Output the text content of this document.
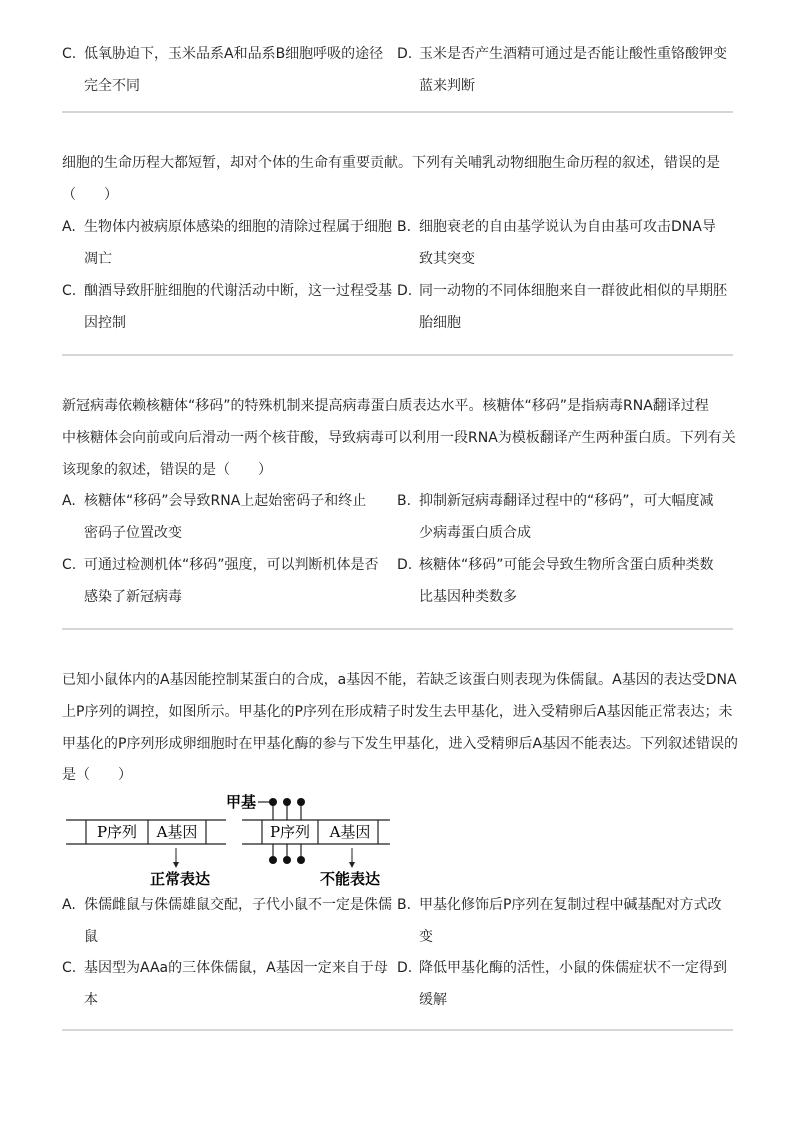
C. 低氧胁迫下，玉米品系A和品系B细胞呼吸的途径
完全不同
D. 玉米是否产生酒精可通过是否能让酸性重铬酸钾变
蓝来判断
细胞的生命历程大都短暂，却对个体的生命有重要贡献。下列有关哺乳动物细胞生命历程的叙述，错误的是
（　　）
A. 生物体内被病原体感染的细胞的清除过程属于细胞
凋亡
B. 细胞衰老的自由基学说认为自由基可攻击DNA导
致其突变
C. 酗酒导致肝脏细胞的代谢活动中断，这一过程受基
因控制
D. 同一动物的不同体细胞来自一群彼此相似的早期胚
胎细胞
新冠病毒依赖核糖体“移码”的特殊机制来提高病毒蛋白质表达水平。核糖体“移码”是指病毒RNA翻译过程
中核糖体会向前或向后滑动一两个核苷酸，导致病毒可以利用一段RNA为模板翻译产生两种蛋白质。下列有关
该现象的叙述，错误的是（　　）
A. 核糖体“移码”会导致RNA上起始密码子和终止
密码子位置改变
B. 抑制新冠病毒翻译过程中的“移码”，可大幅度减
少病毒蛋白质合成
C. 可通过检测机体“移码”强度，可以判断机体是否
感染了新冠病毒
D. 核糖体“移码”可能会导致生物所含蛋白质种类数
比基因种类数多
已知小鼠体内的A基因能控制某蛋白的合成，a基因不能，若缺乏该蛋白则表现为侏儒鼠。A基因的表达受DNA
上P序列的调控，如图所示。甲基化的P序列在形成精子时发生去甲基化，进入受精卵后A基因能正常表达；未
甲基化的P序列形成卵细胞时在甲基化酶的参与下发生甲基化，进入受精卵后A基因不能表达。下列叙述错误的
是（　　）
P序列 A基因
正常表达
P序列 A基因
甲基
不能表达
A. 侏儒雌鼠与侏儒雄鼠交配，子代小鼠不一定是侏儒
鼠
B. 甲基化修饰后P序列在复制过程中碱基配对方式改
变
C. 基因型为AAa的三体侏儒鼠，A基因一定来自于母
本
D. 降低甲基化酶的活性，小鼠的侏儒症状不一定得到
缓解
